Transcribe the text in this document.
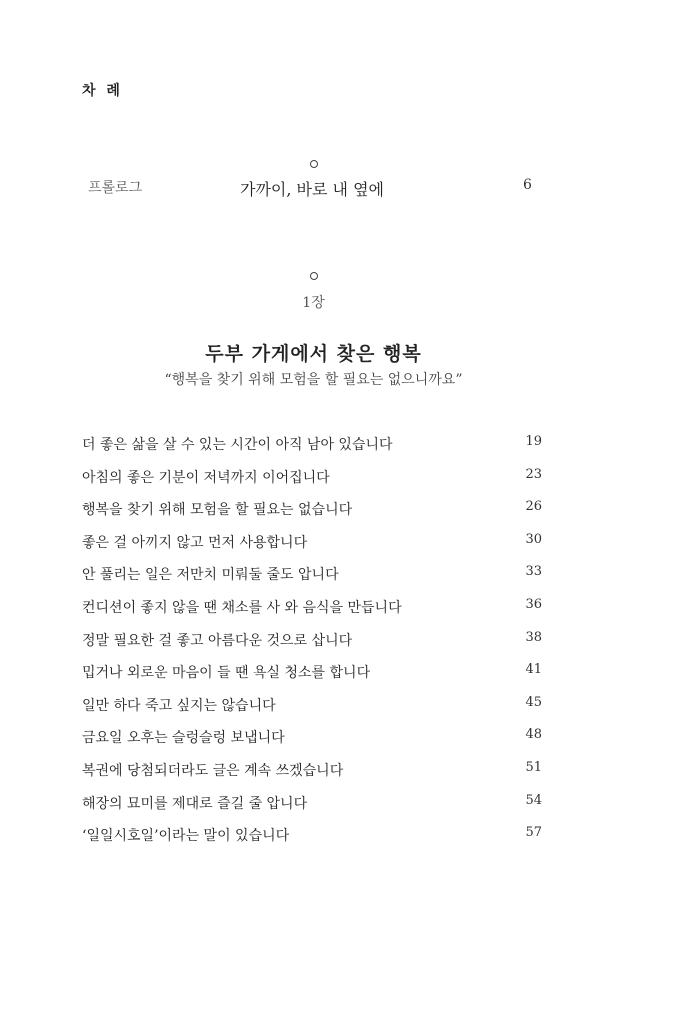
차 례
프롤로그	가까이, 바로 내 옆에	6
1장
두부 가게에서 찾은 행복
“행복을 찾기 위해 모험을 할 필요는 없으니까요”
더 좋은 삶을 살 수 있는 시간이 아직 남아 있습니다	19
아침의 좋은 기분이 저녁까지 이어집니다	23
행복을 찾기 위해 모험을 할 필요는 없습니다	26
좋은 걸 아끼지 않고 먼저 사용합니다	30
안 풀리는 일은 저만치 미뤄둘 줄도 압니다	33
컨디션이 좋지 않을 땐 채소를 사 와 음식을 만듭니다	36
정말 필요한 걸 좋고 아름다운 것으로 삽니다	38
밉거나 외로운 마음이 들 땐 욕실 청소를 합니다	41
일만 하다 죽고 싶지는 않습니다	45
금요일 오후는 슬렁슬렁 보냅니다	48
복권에 당첨되더라도 글은 계속 쓰겠습니다	51
해장의 묘미를 제대로 즐길 줄 압니다	54
‘일일시호일’이라는 말이 있습니다	57
